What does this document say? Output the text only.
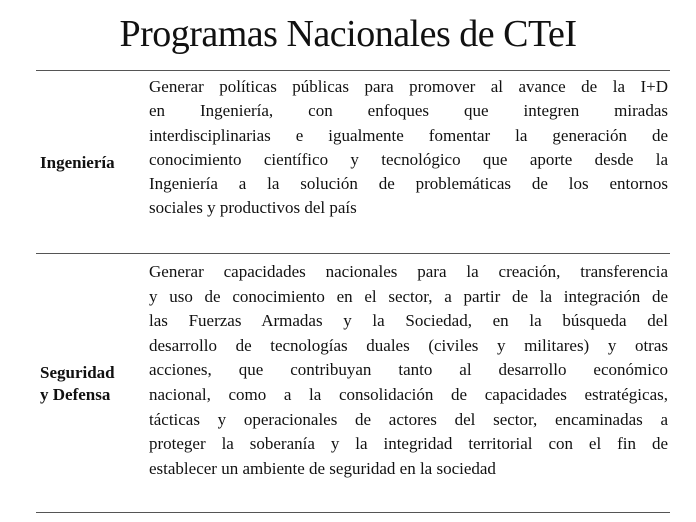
Programas Nacionales de CTeI
Ingeniería
Generar políticas públicas para promover al avance de la I+D
en Ingeniería, con enfoques que integren miradas
interdisciplinarias e igualmente fomentar la generación de
conocimiento científico y tecnológico que aporte desde la
Ingeniería a la solución de problemáticas de los entornos
sociales y productivos del país
Seguridad
y Defensa
Generar capacidades nacionales para la creación, transferencia
y uso de conocimiento en el sector, a partir de la integración de
las Fuerzas Armadas y la Sociedad, en la búsqueda del
desarrollo de tecnologías duales (civiles y militares) y otras
acciones, que contribuyan tanto al desarrollo económico
nacional, como a la consolidación de capacidades estratégicas,
tácticas y operacionales de actores del sector, encaminadas a
proteger la soberanía y la integridad territorial con el fin de
establecer un ambiente de seguridad en la sociedad
